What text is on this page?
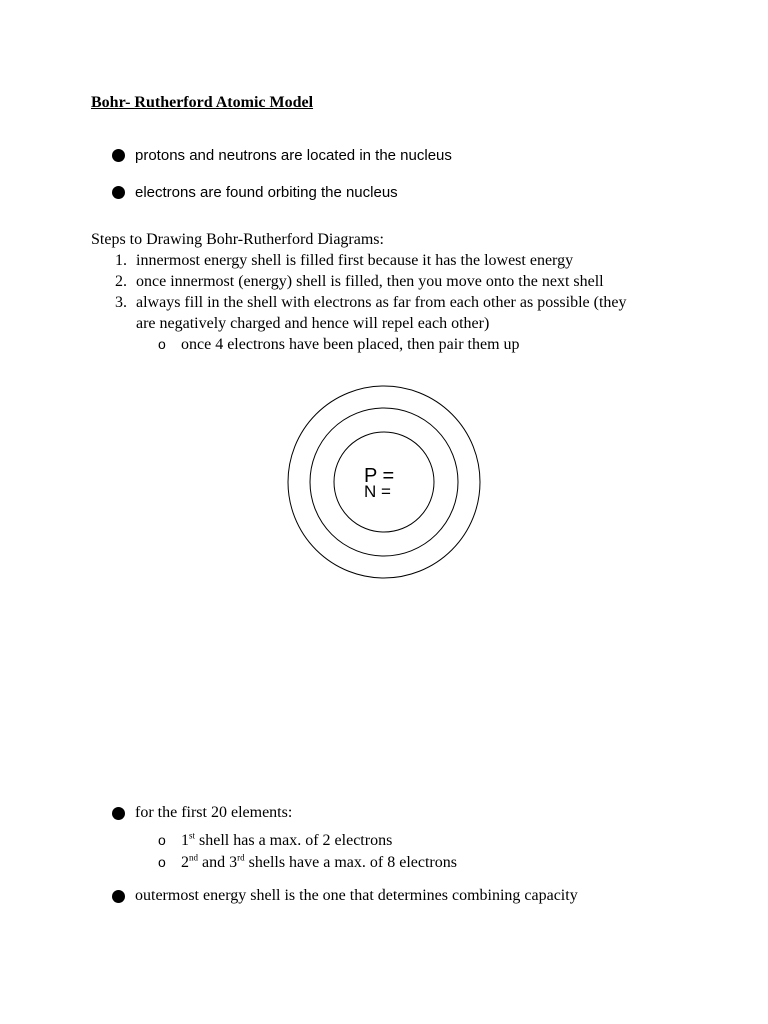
Bohr- Rutherford Atomic Model
protons and neutrons are located in the nucleus
electrons are found orbiting the nucleus
Steps to Drawing Bohr-Rutherford Diagrams:
1. innermost energy shell is filled first because it has the lowest energy
2. once innermost (energy) shell is filled, then you move onto the next shell
3. always fill in the shell with electrons as far from each other as possible (they
are negatively charged and hence will repel each other)
o once 4 electrons have been placed, then pair them up
P =
N =
for the first 20 elements:
o 1st shell has a max. of 2 electrons
o 2nd and 3rd shells have a max. of 8 electrons
outermost energy shell is the one that determines combining capacity
